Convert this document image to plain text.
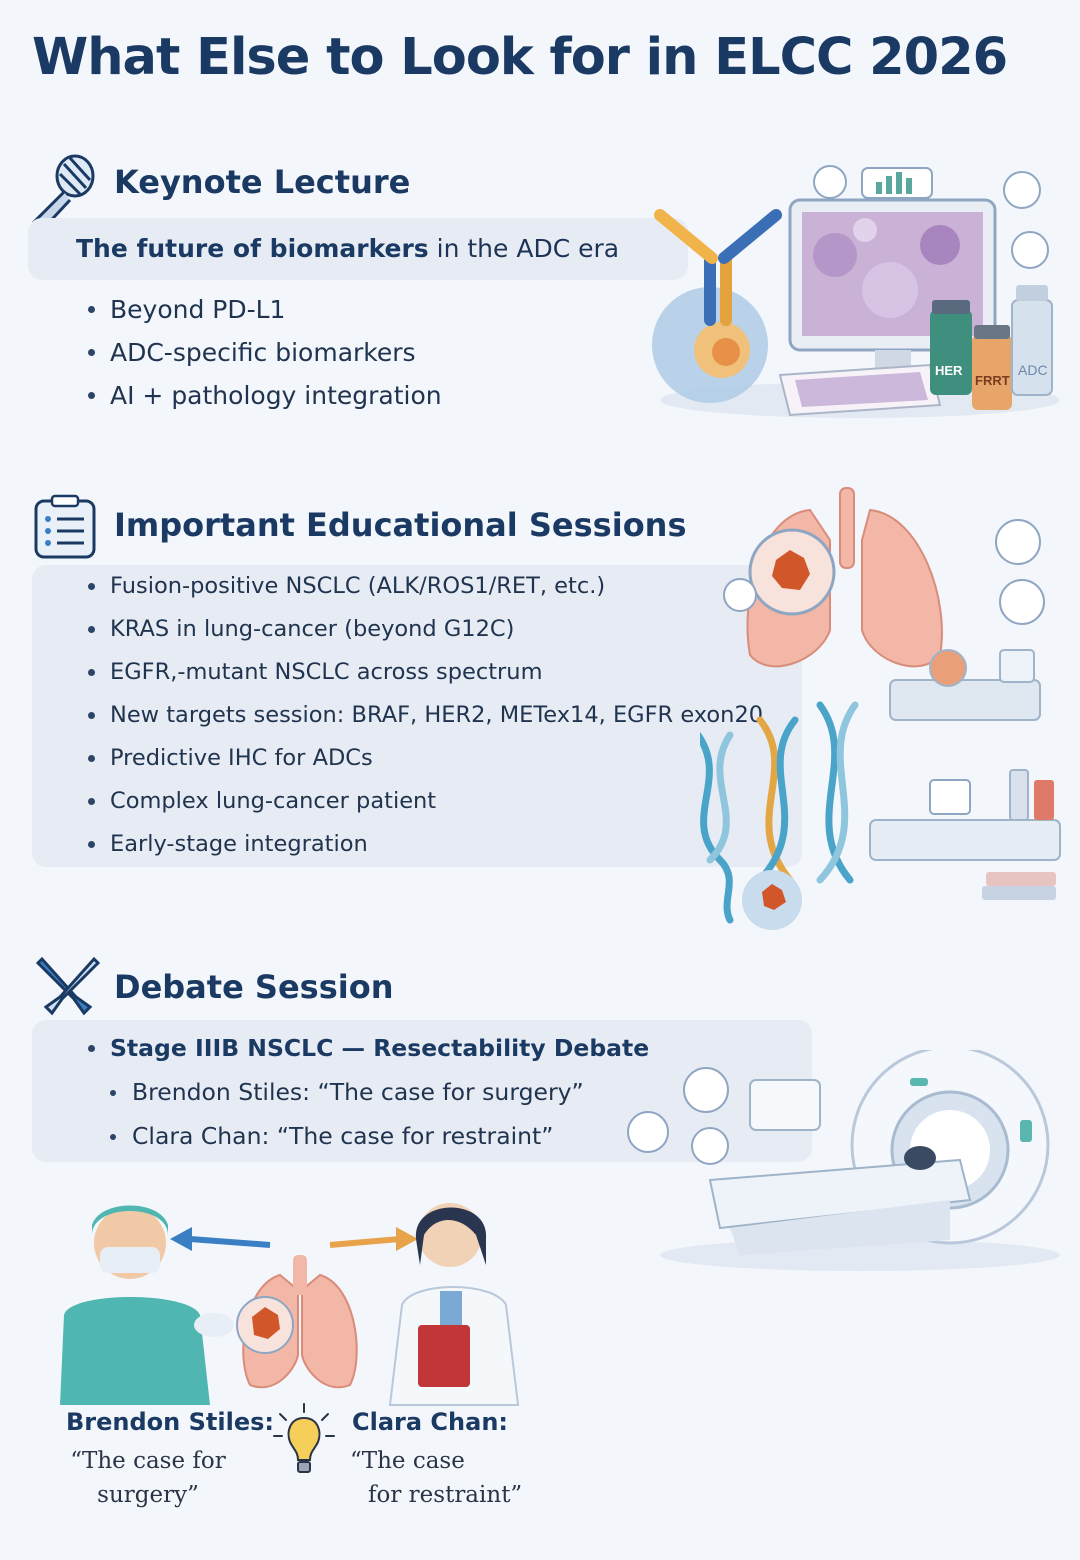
What Else to Look for in ELCC 2026
Keynote Lecture

The future of biomarkers in the ADC era

Beyond PD-L1
ADC-specific biomarkers
AI + pathology integration
HER
FRRT
ADC
Important Educational Sessions
Fusion-positive NSCLC (ALK/ROS1/RET, etc.)
KRAS in lung-cancer (beyond G12C)
EGFR,-mutant NSCLC across spectrum
New targets session: BRAF, HER2, METex14, EGFR exon20
Predictive IHC for ADCs
Complex lung-cancer patient
Early-stage integration
Debate Session
Stage IIIB NSCLC — Resectability Debate
Brendon Stiles: “The case for surgery”
Clara Chan: “The case for restraint”

Brendon Stiles:

“The case for
surgery”

Clara Chan:

“The case
for restraint”
